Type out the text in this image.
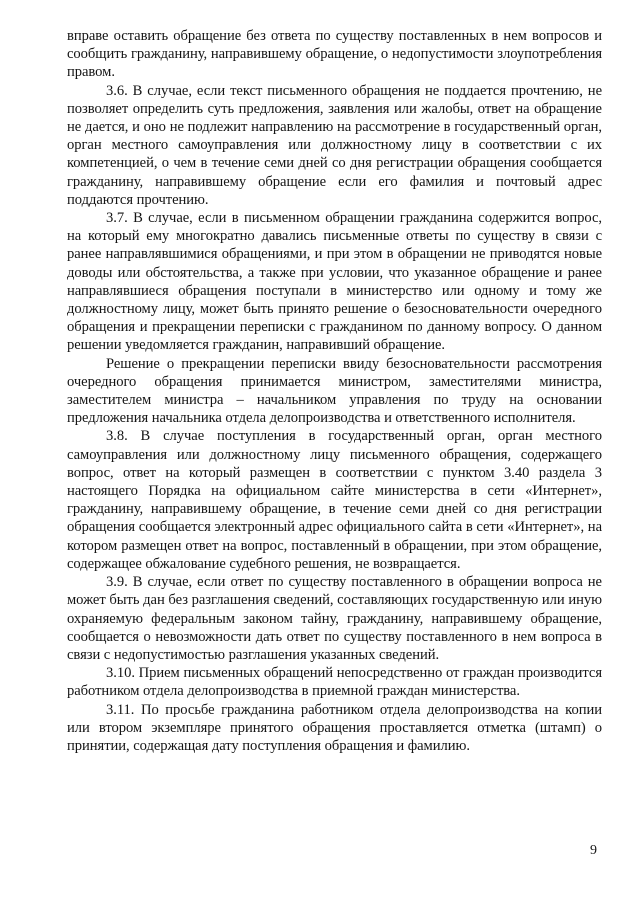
вправе оставить обращение без ответа по существу поставленных в нем вопросов и сообщить гражданину, направившему обращение, о недопустимости злоупотребления правом.

3.6. В случае, если текст письменного обращения не поддается прочтению, не позволяет определить суть предложения, заявления или жалобы, ответ на обращение не дается, и оно не подлежит направлению на рассмотрение в государственный орган, орган местного самоуправления или должностному лицу в соответствии с их компетенцией, о чем в течение семи дней со дня регистрации обращения сообщается гражданину, направившему обращение если его фамилия и почтовый адрес поддаются прочтению.

3.7. В случае, если в письменном обращении гражданина содержится вопрос, на который ему многократно давались письменные ответы по существу в связи с ранее направлявшимися обращениями, и при этом в обращении не приводятся новые доводы или обстоятельства, а также при условии, что указанное обращение и ранее направлявшиеся обращения поступали в министерство или одному и тому же должностному лицу, может быть принято решение о безосновательности очередного обращения и прекращении переписки с гражданином по данному вопросу. О данном решении уведомляется гражданин, направивший обращение.

Решение о прекращении переписки ввиду безосновательности рассмотрения очередного обращения принимается министром, заместителями министра, заместителем министра – начальником управления по труду на основании предложения начальника отдела делопроизводства и ответственного исполнителя.

3.8. В случае поступления в государственный орган, орган местного самоуправления или должностному лицу письменного обращения, содержащего вопрос, ответ на который размещен в соответствии с пунктом 3.40 раздела 3 настоящего Порядка на официальном сайте министерства в сети «Интернет», гражданину, направившему обращение, в течение семи дней со дня регистрации обращения сообщается электронный адрес официального сайта в сети «Интернет», на котором размещен ответ на вопрос, поставленный в обращении, при этом обращение, содержащее обжалование судебного решения, не возвращается.

3.9. В случае, если ответ по существу поставленного в обращении вопроса не может быть дан без разглашения сведений, составляющих государственную или иную охраняемую федеральным законом тайну, гражданину, направившему обращение, сообщается о невозможности дать ответ по существу поставленного в нем вопроса в связи с недопустимостью разглашения указанных сведений.

3.10. Прием письменных обращений непосредственно от граждан производится работником отдела делопроизводства в приемной граждан министерства.

3.11. По просьбе гражданина работником отдела делопроизводства на копии или втором экземпляре принятого обращения проставляется отметка (штамп) о принятии, содержащая дату поступления обращения и фамилию.

9
